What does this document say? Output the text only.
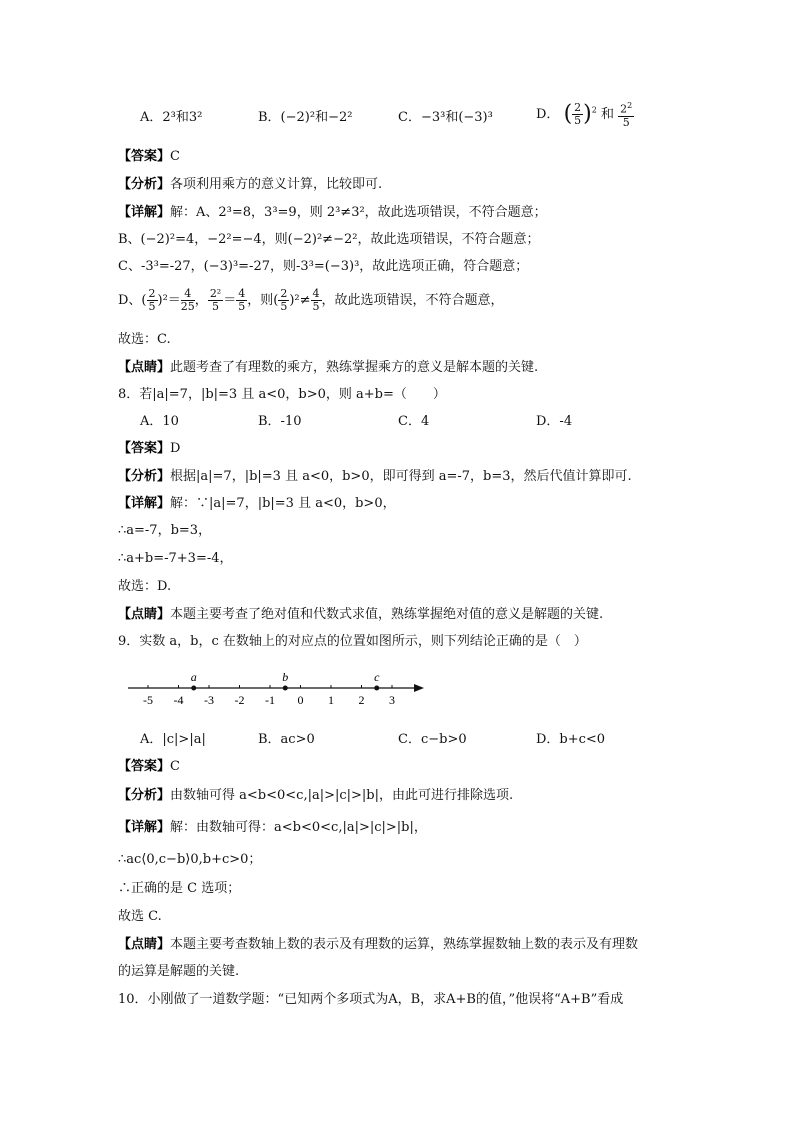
A．2³和3²	B．(−2)²和−2²	C．−3³和(−3)³	D． ( $\frac{2}{5} )^2$ 和 $\frac{2^2}{5}$
【答案】C
【分析】各项利用乘方的意义计算，比较即可.
【详解】解：A、2³=8，3³=9，则 2³≠3²，故此选项错误，不符合题意；
B、(−2)²=4，−2²=−4，则(−2)²≠−2²，故此选项错误，不符合题意；
C、-3³=-27，(−3)³=-27，则-3³=(−3)³，故此选项正确，符合题意；
D、( $\frac{2}{5} )^2= \frac{4}{25}$ ， $\frac{\text{2²}}{5} = \frac{4}{5}$ ，则( $\frac{2}{5} )^2\ne \frac{4}{5}$ ，故此选项错误，不符合题意，
故选：C.
【点睛】此题考查了有理数的乘方，熟练掌握乘方的意义是解本题的关键.
8．若|a|=7，|b|=3 且 a<0，b>0，则 a+b=（　　）
A．10	B．-10	C．4	D．-4
【答案】D
【分析】根据|a|=7，|b|=3 且 a<0，b>0，即可得到 a=-7，b=3，然后代值计算即可.
【详解】解：∵|a|=7，|b|=3 且 a<0，b>0，
∴a=-7，b=3，
∴a+b=-7+3=-4，
故选：D.
【点睛】本题主要考查了绝对值和代数式求值，熟练掌握绝对值的意义是解题的关键.
9．实数 a，b，c 在数轴上的对应点的位置如图所示，则下列结论正确的是（　）
-5 -4 -3 -2 -1 0 1 2 3
a	b	c
A．|c|>|a|	B．ac>0	C．c−b>0	D．b+c<0
【答案】C
【分析】由数轴可得 a<b<0<c,|a|>|c|>|b|，由此可进行排除选项.
【详解】解：由数轴可得：a<b<0<c,|a|>|c|>|b|，
∴ac⟨0,c−b⟩0,b+c>0；
∴正确的是 C 选项；
故选 C.
【点睛】本题主要考查数轴上数的表示及有理数的运算，熟练掌握数轴上数的表示及有理数
的运算是解题的关键.
10．小刚做了一道数学题：“已知两个多项式为A，B，求A+B的值，”他误将“A+B”看成
